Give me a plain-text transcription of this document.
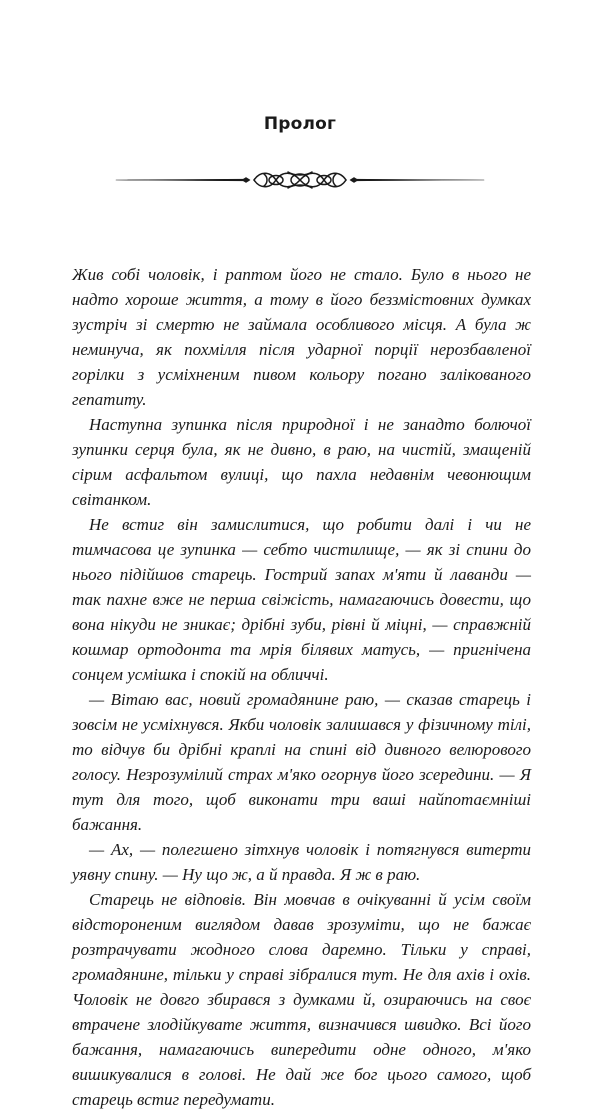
Пролог

Жив собі чоловік, і раптом його не стало. Було в нього не надто хороше життя, а тому в його беззмістовних думках зустріч зі смертю не займала особливого місця. А була ж неминуча, як похмілля після ударної порції нерозбавленої горілки з усміхненим пивом кольору погано залікованого гепатиту.

Наступна зупинка після природної і не занадто болючої зупинки серця була, як не дивно, в раю, на чистій, змащеній сірим асфальтом вулиці, що пахла недавнім чевонющим світанком.

Не встиг він замислитися, що робити далі і чи не тимчасова це зупинка — себто чистилище, — як зі спини до нього підійшов старець. Гострий запах м'яти й лаванди — так пахне вже не перша свіжість, намагаючись довести, що вона нікуди не зникає; дрібні зуби, рівні й міцні, — справжній кошмар ортодонта та мрія білявих матусь, — пригнічена сонцем усмішка і спокій на обличчі.

— Вітаю вас, новий громадянине раю, — сказав старець і зовсім не усміхнувся. Якби чоловік залишався у фізичному тілі, то відчув би дрібні краплі на спині від дивного велюрового голосу. Незрозумілий страх м'яко огорнув його зсередини. — Я тут для того, щоб виконати три ваші найпотаємніші бажання.

— Ах, — полегшено зітхнув чоловік і потягнувся витерти уявну спину. — Ну що ж, а й правда. Я ж в раю.

Старець не відповів. Він мовчав в очікуванні й усім своїм відстороненим виглядом давав зрозуміти, що не бажає розтрачувати жодного слова даремно. Тільки у справі, громадянине, тільки у справі зібралися тут. Не для ахів і охів. Чоловік не довго збирався з думками й, озираючись на своє втрачене злодійкувате життя, визначився швидко. Всі його бажання, намагаючись випередити одне одного, м'яко вишикувалися в голові. Не дай же бог цього самого, щоб старець встиг передумати.
